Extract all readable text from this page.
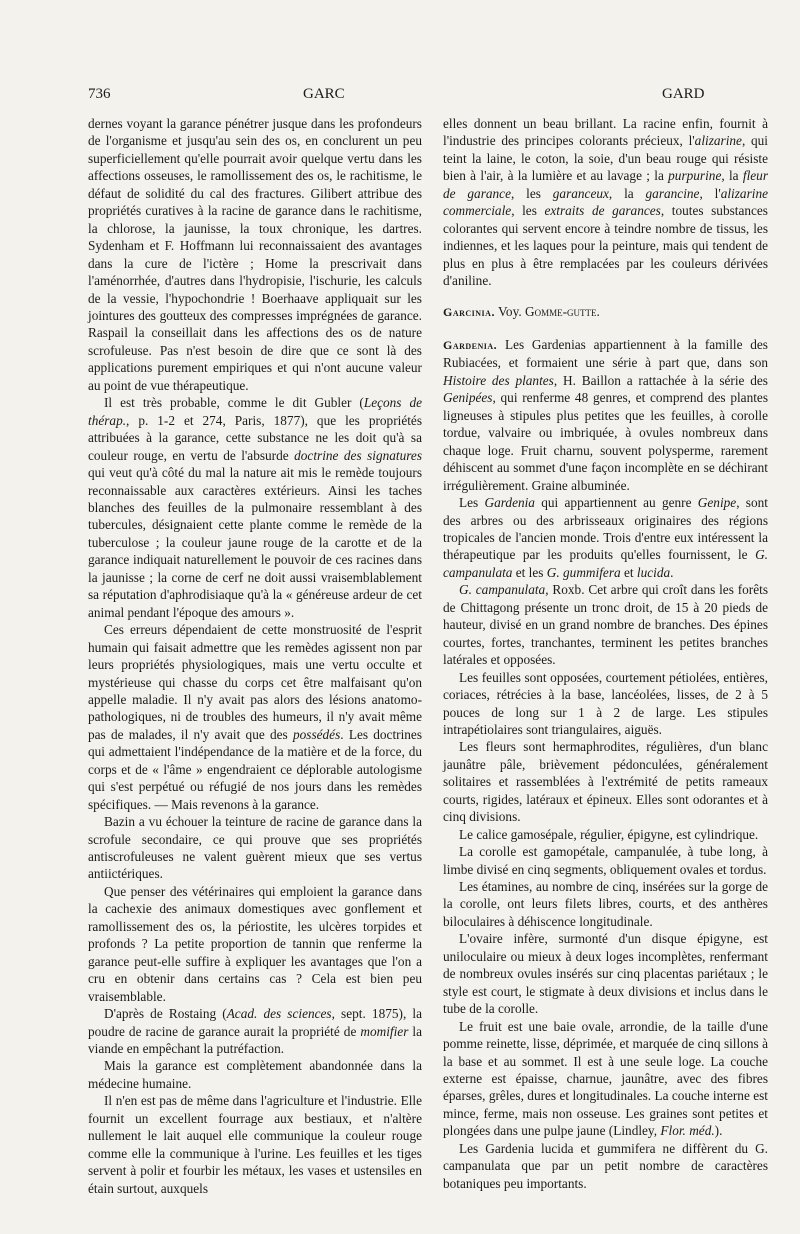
736	GARC	GARD

dernes voyant la garance pénétrer jusque dans les profondeurs de l'organisme et jusqu'au sein des os, en conclurent un peu superficiellement qu'elle pourrait avoir quelque vertu dans les affections osseuses, le ramollissement des os, le rachitisme, le défaut de solidité du cal des fractures. Gilibert attribue des propriétés curatives à la racine de garance dans le rachitisme, la chlorose, la jaunisse, la toux chronique, les dartres. Sydenham et F. Hoffmann lui reconnaissaient des avantages dans la cure de l'ictère ; Home la prescrivait dans l'aménorrhée, d'autres dans l'hydropisie, l'ischurie, les calculs de la vessie, l'hypochondrie ! Boerhaave appliquait sur les jointures des goutteux des compresses imprégnées de garance. Raspail la conseillait dans les affections des os de nature scrofuleuse. Pas n'est besoin de dire que ce sont là des applications purement empiriques et qui n'ont aucune valeur au point de vue thérapeutique.

Il est très probable, comme le dit Gubler (Leçons de thérap., p. 1-2 et 274, Paris, 1877), que les propriétés attribuées à la garance, cette substance ne les doit qu'à sa couleur rouge, en vertu de l'absurde doctrine des signatures qui veut qu'à côté du mal la nature ait mis le remède toujours reconnaissable aux caractères extérieurs. Ainsi les taches blanches des feuilles de la pulmonaire ressemblant à des tubercules, désignaient cette plante comme le remède de la tuberculose ; la couleur jaune rouge de la carotte et de la garance indiquait naturellement le pouvoir de ces racines dans la jaunisse ; la corne de cerf ne doit aussi vraisemblablement sa réputation d'aphrodisiaque qu'à la « généreuse ardeur de cet animal pendant l'époque des amours ».

Ces erreurs dépendaient de cette monstruosité de l'esprit humain qui faisait admettre que les remèdes agissent non par leurs propriétés physiologiques, mais une vertu occulte et mystérieuse qui chasse du corps cet être malfaisant qu'on appelle maladie. Il n'y avait pas alors des lésions anatomo-pathologiques, ni de troubles des humeurs, il n'y avait même pas de malades, il n'y avait que des possédés. Les doctrines qui admettaient l'indépendance de la matière et de la force, du corps et de « l'âme » engendraient ce déplorable autologisme qui s'est perpétué ou réfugié de nos jours dans les remèdes spécifiques. — Mais revenons à la garance.

Bazin a vu échouer la teinture de racine de garance dans la scrofule secondaire, ce qui prouve que ses propriétés antiscrofuleuses ne valent guèrent mieux que ses vertus antiictériques.

Que penser des vétérinaires qui emploient la garance dans la cachexie des animaux domestiques avec gonflement et ramollissement des os, la périostite, les ulcères torpides et profonds ? La petite proportion de tannin que renferme la garance peut-elle suffire à expliquer les avantages que l'on a cru en obtenir dans certains cas ? Cela est bien peu vraisemblable.

D'après de Rostaing (Acad. des sciences, sept. 1875), la poudre de racine de garance aurait la propriété de momifier la viande en empêchant la putréfaction.

Mais la garance est complètement abandonnée dans la médecine humaine.

Il n'en est pas de même dans l'agriculture et l'industrie. Elle fournit un excellent fourrage aux bestiaux, et n'altère nullement le lait auquel elle communique la couleur rouge comme elle la communique à l'urine. Les feuilles et les tiges servent à polir et fourbir les métaux, les vases et ustensiles en étain surtout, auxquels

elles donnent un beau brillant. La racine enfin, fournit à l'industrie des principes colorants précieux, l'alizarine, qui teint la laine, le coton, la soie, d'un beau rouge qui résiste bien à l'air, à la lumière et au lavage ; la purpurine, la fleur de garance, les garanceux, la garancine, l'alizarine commerciale, les extraits de garances, toutes substances colorantes qui servent encore à teindre nombre de tissus, les indiennes, et les laques pour la peinture, mais qui tendent de plus en plus à être remplacées par les couleurs dérivées d'aniline.

Garcinia. Voy. Gomme-gutte.

Gardenia. Les Gardenias appartiennent à la famille des Rubiacées, et formaient une série à part que, dans son Histoire des plantes, H. Baillon a rattachée à la série des Genipées, qui renferme 48 genres, et comprend des plantes ligneuses à stipules plus petites que les feuilles, à corolle tordue, valvaire ou imbriquée, à ovules nombreux dans chaque loge. Fruit charnu, souvent polysperme, rarement déhiscent au sommet d'une façon incomplète en se déchirant irrégulièrement. Graine albuminée.

Les Gardenia qui appartiennent au genre Genipe, sont des arbres ou des arbrisseaux originaires des régions tropicales de l'ancien monde. Trois d'entre eux intéressent la thérapeutique par les produits qu'elles fournissent, le G. campanulata et les G. gummifera et lucida.

G. campanulata, Roxb. Cet arbre qui croît dans les forêts de Chittagong présente un tronc droit, de 15 à 20 pieds de hauteur, divisé en un grand nombre de branches. Des épines courtes, fortes, tranchantes, terminent les petites branches latérales et opposées.

Les feuilles sont opposées, courtement pétiolées, entières, coriaces, rétrécies à la base, lancéolées, lisses, de 2 à 5 pouces de long sur 1 à 2 de large. Les stipules intrapétiolaires sont triangulaires, aiguës.

Les fleurs sont hermaphrodites, régulières, d'un blanc jaunâtre pâle, brièvement pédonculées, généralement solitaires et rassemblées à l'extrémité de petits rameaux courts, rigides, latéraux et épineux. Elles sont odorantes et à cinq divisions.

Le calice gamosépale, régulier, épigyne, est cylindrique.

La corolle est gamopétale, campanulée, à tube long, à limbe divisé en cinq segments, obliquement ovales et tordus.

Les étamines, au nombre de cinq, insérées sur la gorge de la corolle, ont leurs filets libres, courts, et des anthères biloculaires à déhiscence longitudinale.

L'ovaire infère, surmonté d'un disque épigyne, est uniloculaire ou mieux à deux loges incomplètes, renfermant de nombreux ovules insérés sur cinq placentas pariétaux ; le style est court, le stigmate à deux divisions et inclus dans le tube de la corolle.

Le fruit est une baie ovale, arrondie, de la taille d'une pomme reinette, lisse, déprimée, et marquée de cinq sillons à la base et au sommet. Il est à une seule loge. La couche externe est épaisse, charnue, jaunâtre, avec des fibres éparses, grêles, dures et longitudinales. La couche interne est mince, ferme, mais non osseuse. Les graines sont petites et plongées dans une pulpe jaune (Lindley, Flor. méd.).

Les Gardenia lucida et gummifera ne diffèrent du G. campanulata que par un petit nombre de caractères botaniques peu importants.
